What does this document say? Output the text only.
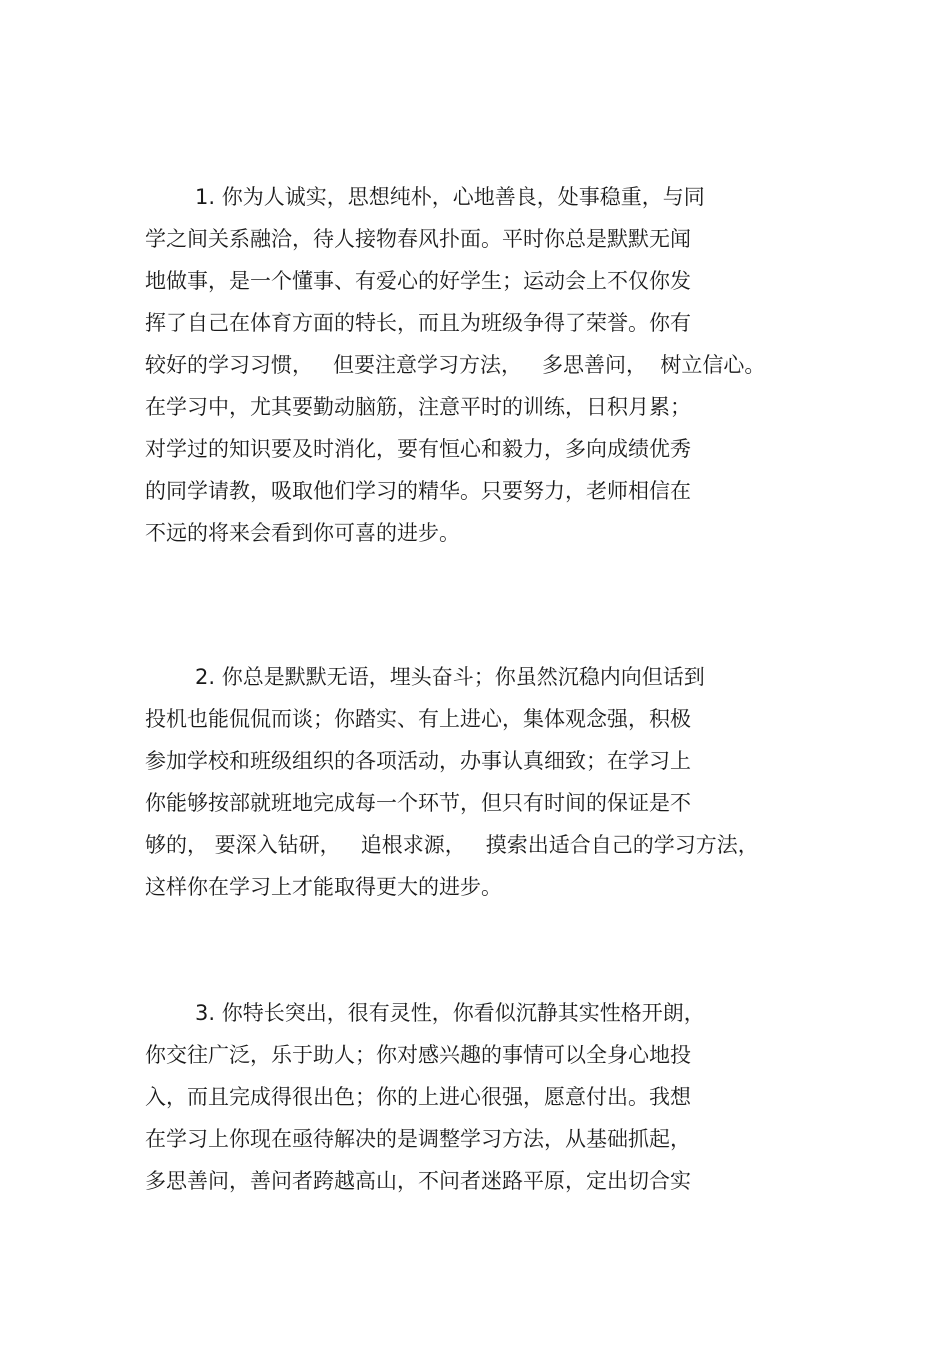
1. 你为人诚实，思想纯朴，心地善良，处事稳重，与同
学之间关系融洽，待人接物春风扑面。平时你总是默默无闻
地做事，是一个懂事、有爱心的好学生；运动会上不仅你发
挥了自己在体育方面的特长，而且为班级争得了荣誉。你有
较好的学习习惯，   但要注意学习方法，   多思善问，  树立信心。
在学习中，尤其要勤动脑筋，注意平时的训练，日积月累；
对学过的知识要及时消化，要有恒心和毅力，多向成绩优秀
的同学请教，吸取他们学习的精华。只要努力，老师相信在
不远的将来会看到你可喜的进步。
2. 你总是默默无语，埋头奋斗；你虽然沉稳内向但话到
投机也能侃侃而谈；你踏实、有上进心，集体观念强，积极
参加学校和班级组织的各项活动，办事认真细致；在学习上
你能够按部就班地完成每一个环节，但只有时间的保证是不
够的， 要深入钻研，   追根求源，   摸索出适合自己的学习方法，
这样你在学习上才能取得更大的进步。
3. 你特长突出，很有灵性，你看似沉静其实性格开朗，
你交往广泛，乐于助人；你对感兴趣的事情可以全身心地投
入，而且完成得很出色；你的上进心很强，愿意付出。我想
在学习上你现在亟待解决的是调整学习方法，从基础抓起，
多思善问，善问者跨越高山，不问者迷路平原，定出切合实
